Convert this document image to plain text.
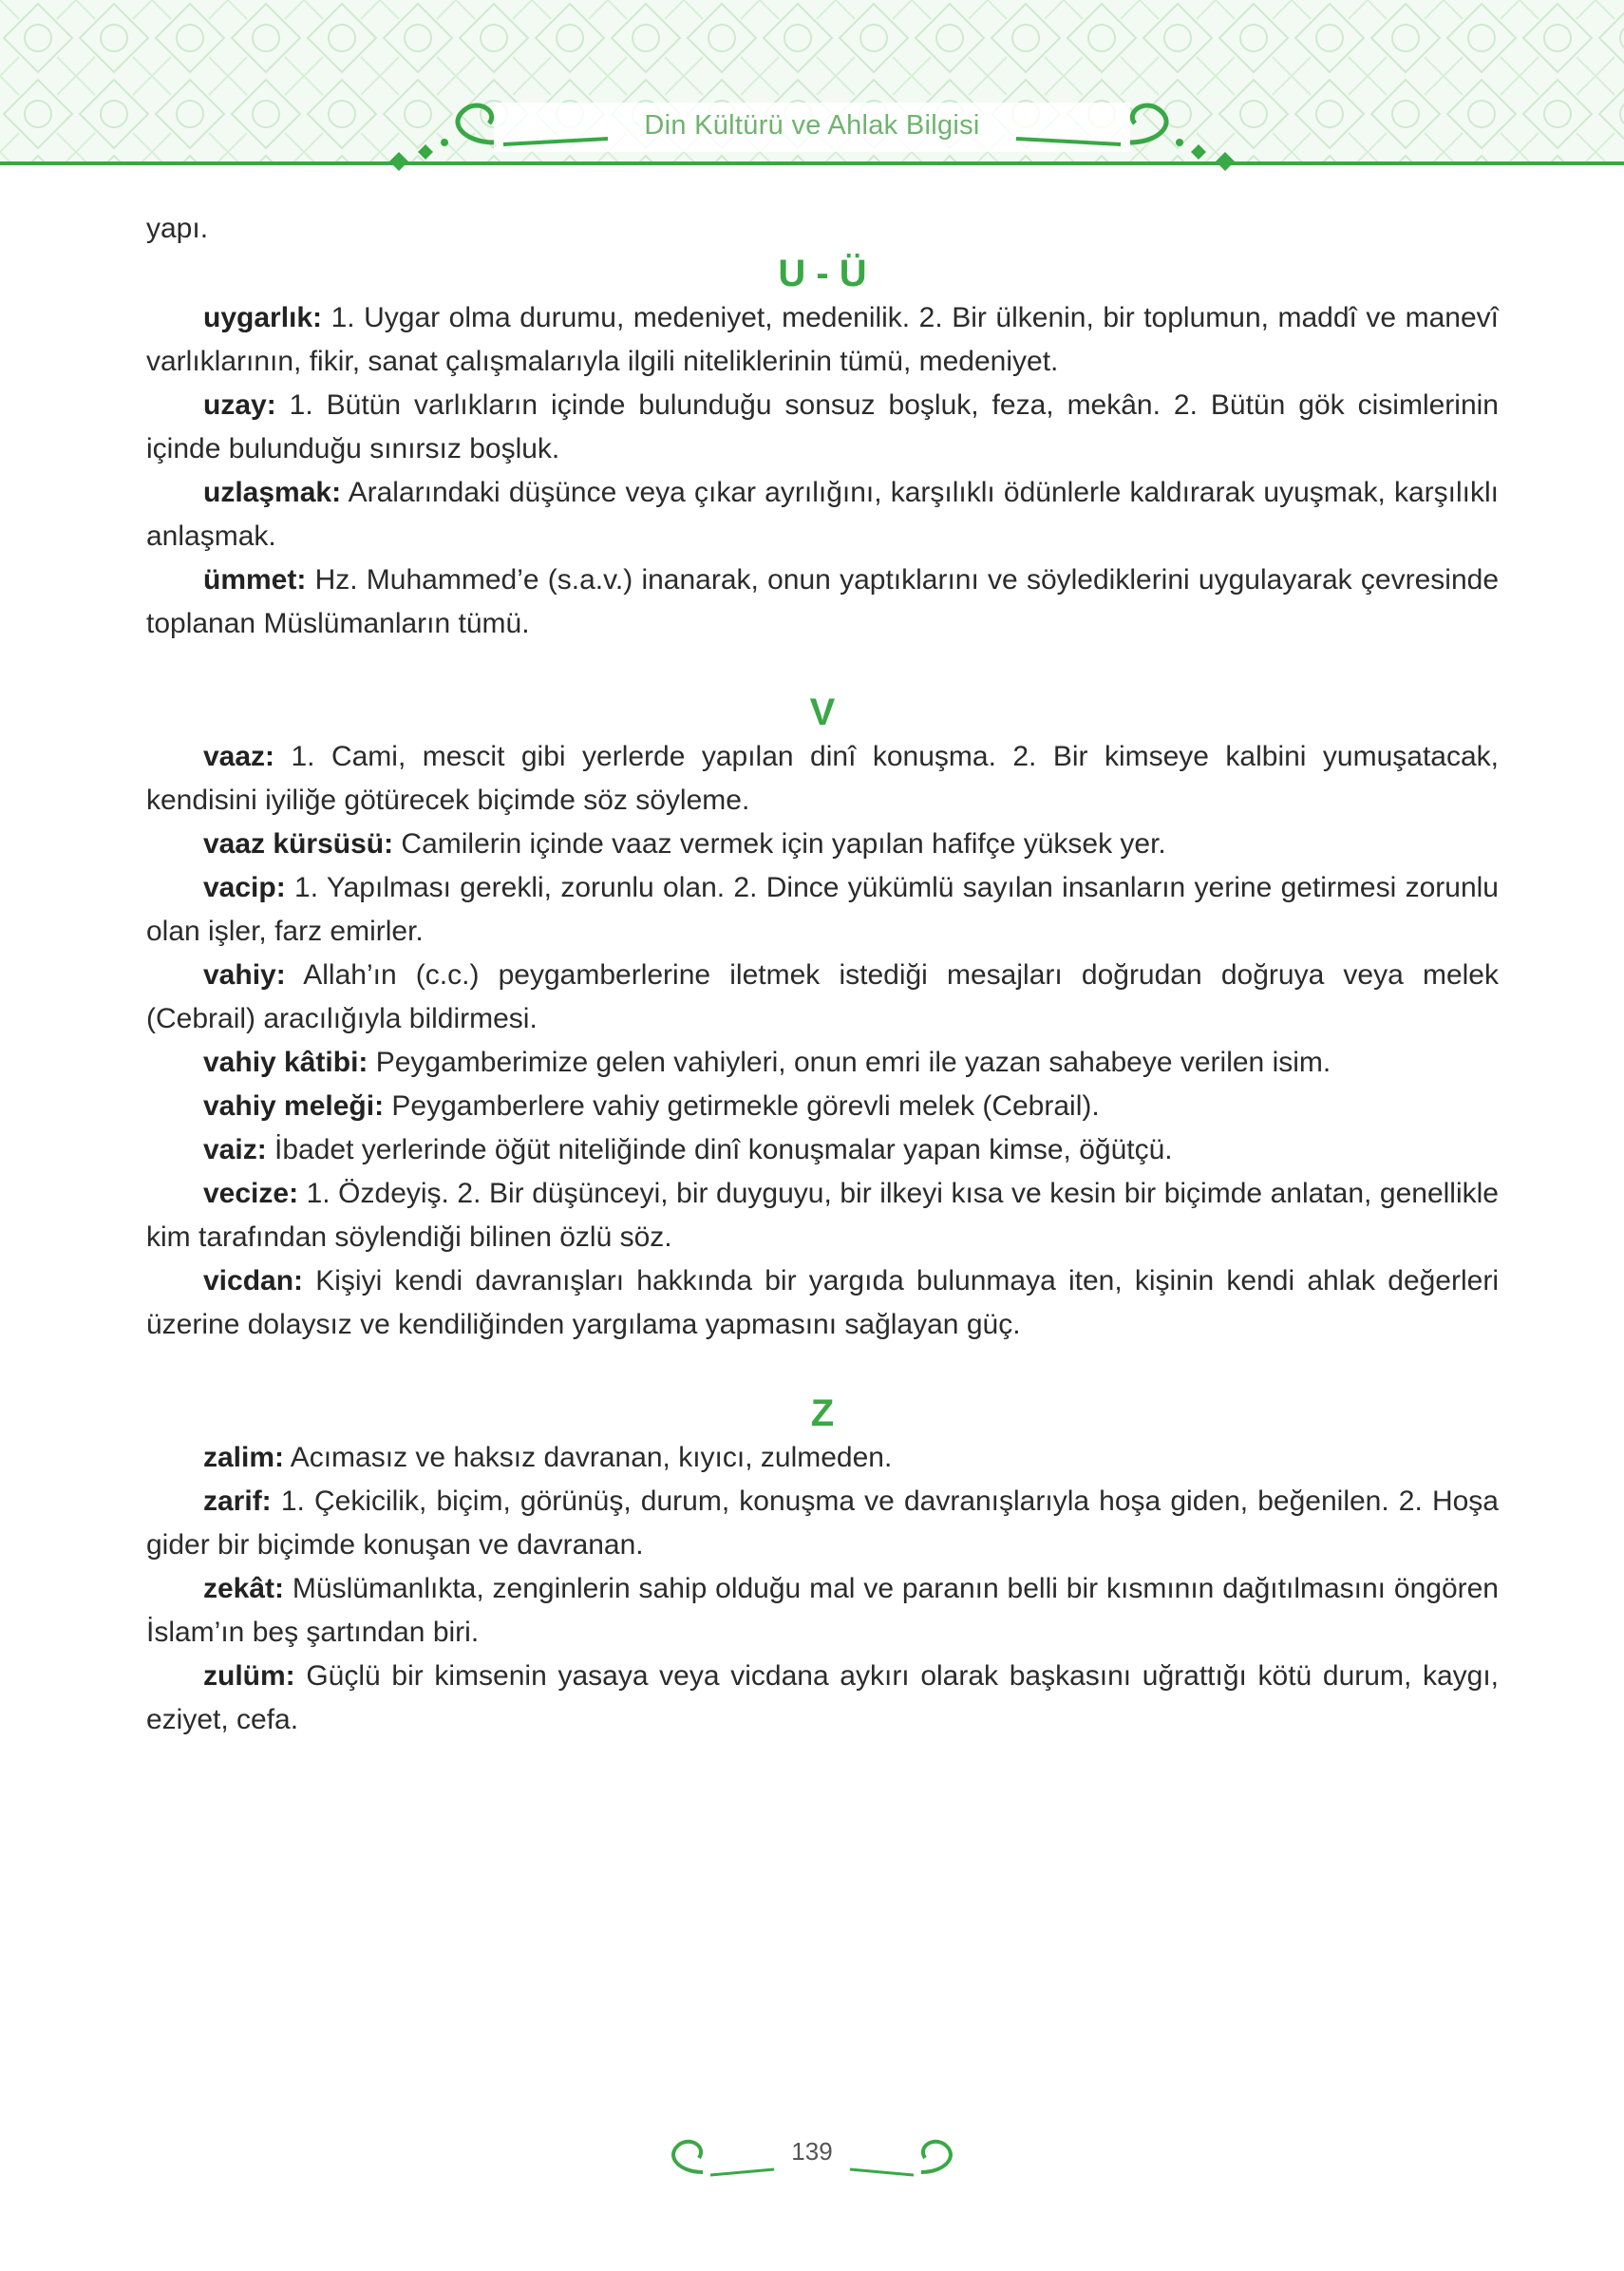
Din Kültürü ve Ahlak Bilgisi

yapı.

U - Ü

uygarlık: 1. Uygar olma durumu, medeniyet, medenilik. 2. Bir ülkenin, bir toplumun, maddî ve manevî varlıklarının, fikir, sanat çalışmalarıyla ilgili niteliklerinin tümü, medeniyet.

uzay: 1. Bütün varlıkların içinde bulunduğu sonsuz boşluk, feza, mekân. 2. Bütün gök cisimlerinin içinde bulunduğu sınırsız boşluk.

uzlaşmak: Aralarındaki düşünce veya çıkar ayrılığını, karşılıklı ödünlerle kaldırarak uyuşmak, karşılıklı anlaşmak.

ümmet: Hz. Muhammed’e (s.a.v.) inanarak, onun yaptıklarını ve söylediklerini uygulayarak çevresinde toplanan Müslümanların tümü.

V

vaaz: 1. Cami, mescit gibi yerlerde yapılan dinî konuşma. 2. Bir kimseye kalbini yumuşatacak, kendisini iyiliğe götürecek biçimde söz söyleme.

vaaz kürsüsü: Camilerin içinde vaaz vermek için yapılan hafifçe yüksek yer.

vacip: 1. Yapılması gerekli, zorunlu olan. 2. Dince yükümlü sayılan insanların yerine getirmesi zorunlu olan işler, farz emirler.

vahiy: Allah’ın (c.c.) peygamberlerine iletmek istediği mesajları doğrudan doğruya veya melek (Cebrail) aracılığıyla bildirmesi.

vahiy kâtibi: Peygamberimize gelen vahiyleri, onun emri ile yazan sahabeye verilen isim.

vahiy meleği: Peygamberlere vahiy getirmekle görevli melek (Cebrail).

vaiz: İbadet yerlerinde öğüt niteliğinde dinî konuşmalar yapan kimse, öğütçü.

vecize: 1. Özdeyiş. 2. Bir düşünceyi, bir duyguyu, bir ilkeyi kısa ve kesin bir biçimde anlatan, genellikle kim tarafından söylendiği bilinen özlü söz.

vicdan: Kişiyi kendi davranışları hakkında bir yargıda bulunmaya iten, kişinin kendi ahlak değerleri üzerine dolaysız ve kendiliğinden yargılama yapmasını sağlayan güç.

Z

zalim: Acımasız ve haksız davranan, kıyıcı, zulmeden.

zarif: 1. Çekicilik, biçim, görünüş, durum, konuşma ve davranışlarıyla hoşa giden, beğenilen. 2. Hoşa gider bir biçimde konuşan ve davranan.

zekât: Müslümanlıkta, zenginlerin sahip olduğu mal ve paranın belli bir kısmının dağıtılmasını öngören İslam’ın beş şartından biri.

zulüm: Güçlü bir kimsenin yasaya veya vicdana aykırı olarak başkasını uğrattığı kötü durum, kaygı, eziyet, cefa.

139
